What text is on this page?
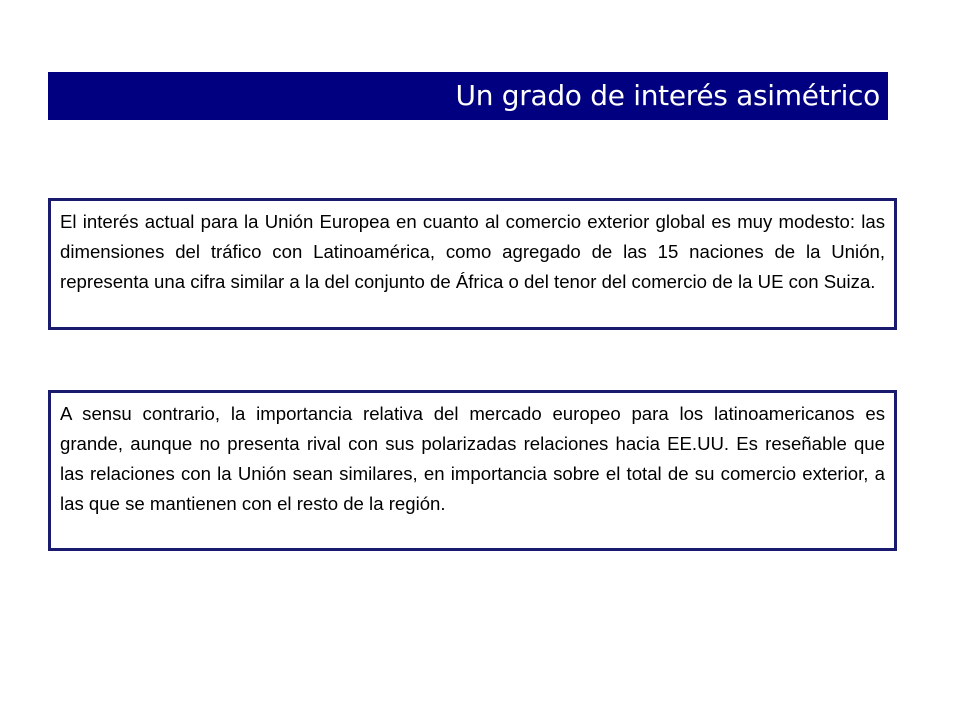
Un grado de interés asimétrico
El interés actual para la Unión Europea en cuanto al comercio exterior global es muy modesto: las dimensiones del tráfico con Latinoamérica, como agregado de las 15 naciones de la Unión, representa una cifra similar a la del conjunto de África o del tenor del comercio de la UE con Suiza.
A sensu contrario, la importancia relativa del mercado europeo para los latinoamericanos es grande, aunque no presenta rival con sus polarizadas relaciones hacia EE.UU. Es reseñable que las relaciones con la Unión sean similares, en importancia sobre el total de su comercio exterior, a las que se mantienen con el resto de la región.
